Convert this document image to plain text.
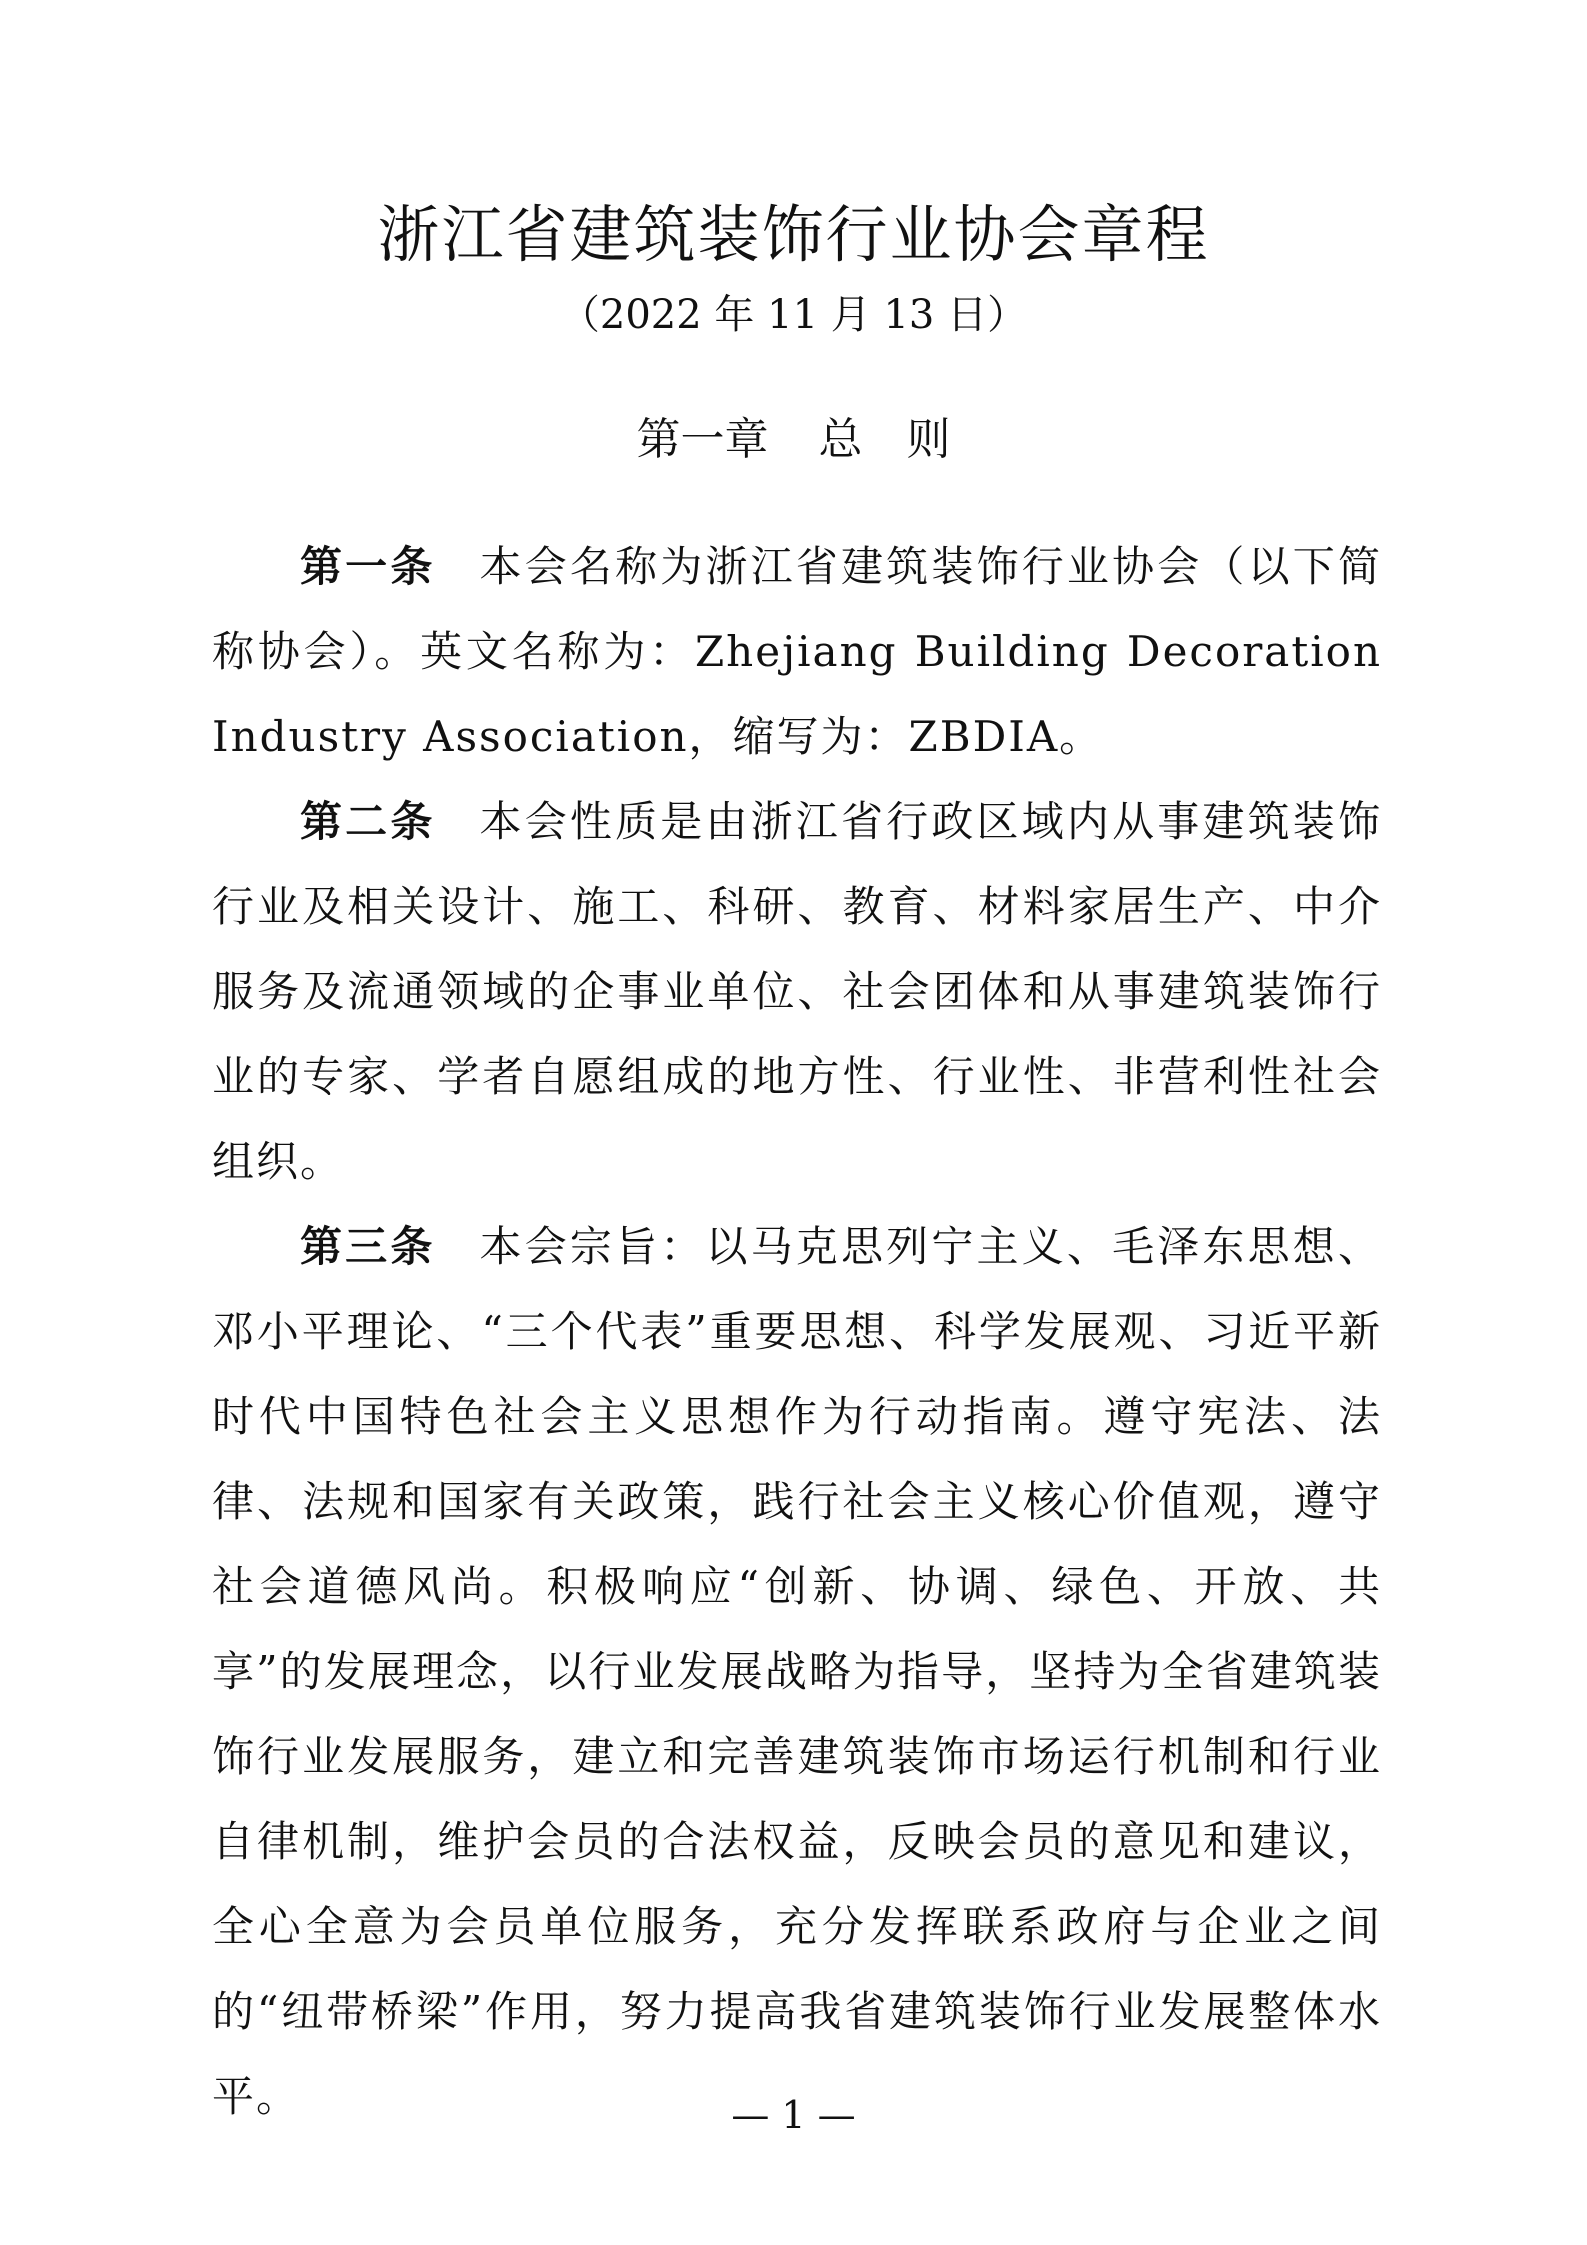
浙江省建筑装饰行业协会章程
（2022 年 11 月 13 日）
第一章 总　则

第一条 本会名称为浙江省建筑装饰行业协会（以下简称协会）。英文名称为：Zhejiang Building Decoration Industry Association，缩写为：ZBDIA。

第二条 本会性质是由浙江省行政区域内从事建筑装饰行业及相关设计、施工、科研、教育、材料家居生产、中介服务及流通领域的企事业单位、社会团体和从事建筑装饰行业的专家、学者自愿组成的地方性、行业性、非营利性社会组织。

第三条 本会宗旨：以马克思列宁主义、毛泽东思想、邓小平理论、“三个代表”重要思想、科学发展观、习近平新时代中国特色社会主义思想作为行动指南。遵守宪法、法律、法规和国家有关政策，践行社会主义核心价值观，遵守社会道德风尚。积极响应“创新、协调、绿色、开放、共享”的发展理念，以行业发展战略为指导，坚持为全省建筑装饰行业发展服务，建立和完善建筑装饰市场运行机制和行业自律机制，维护会员的合法权益，反映会员的意见和建议，全心全意为会员单位服务，充分发挥联系政府与企业之间的“纽带桥梁”作用，努力提高我省建筑装饰行业发展整体水平。	— 1 —
